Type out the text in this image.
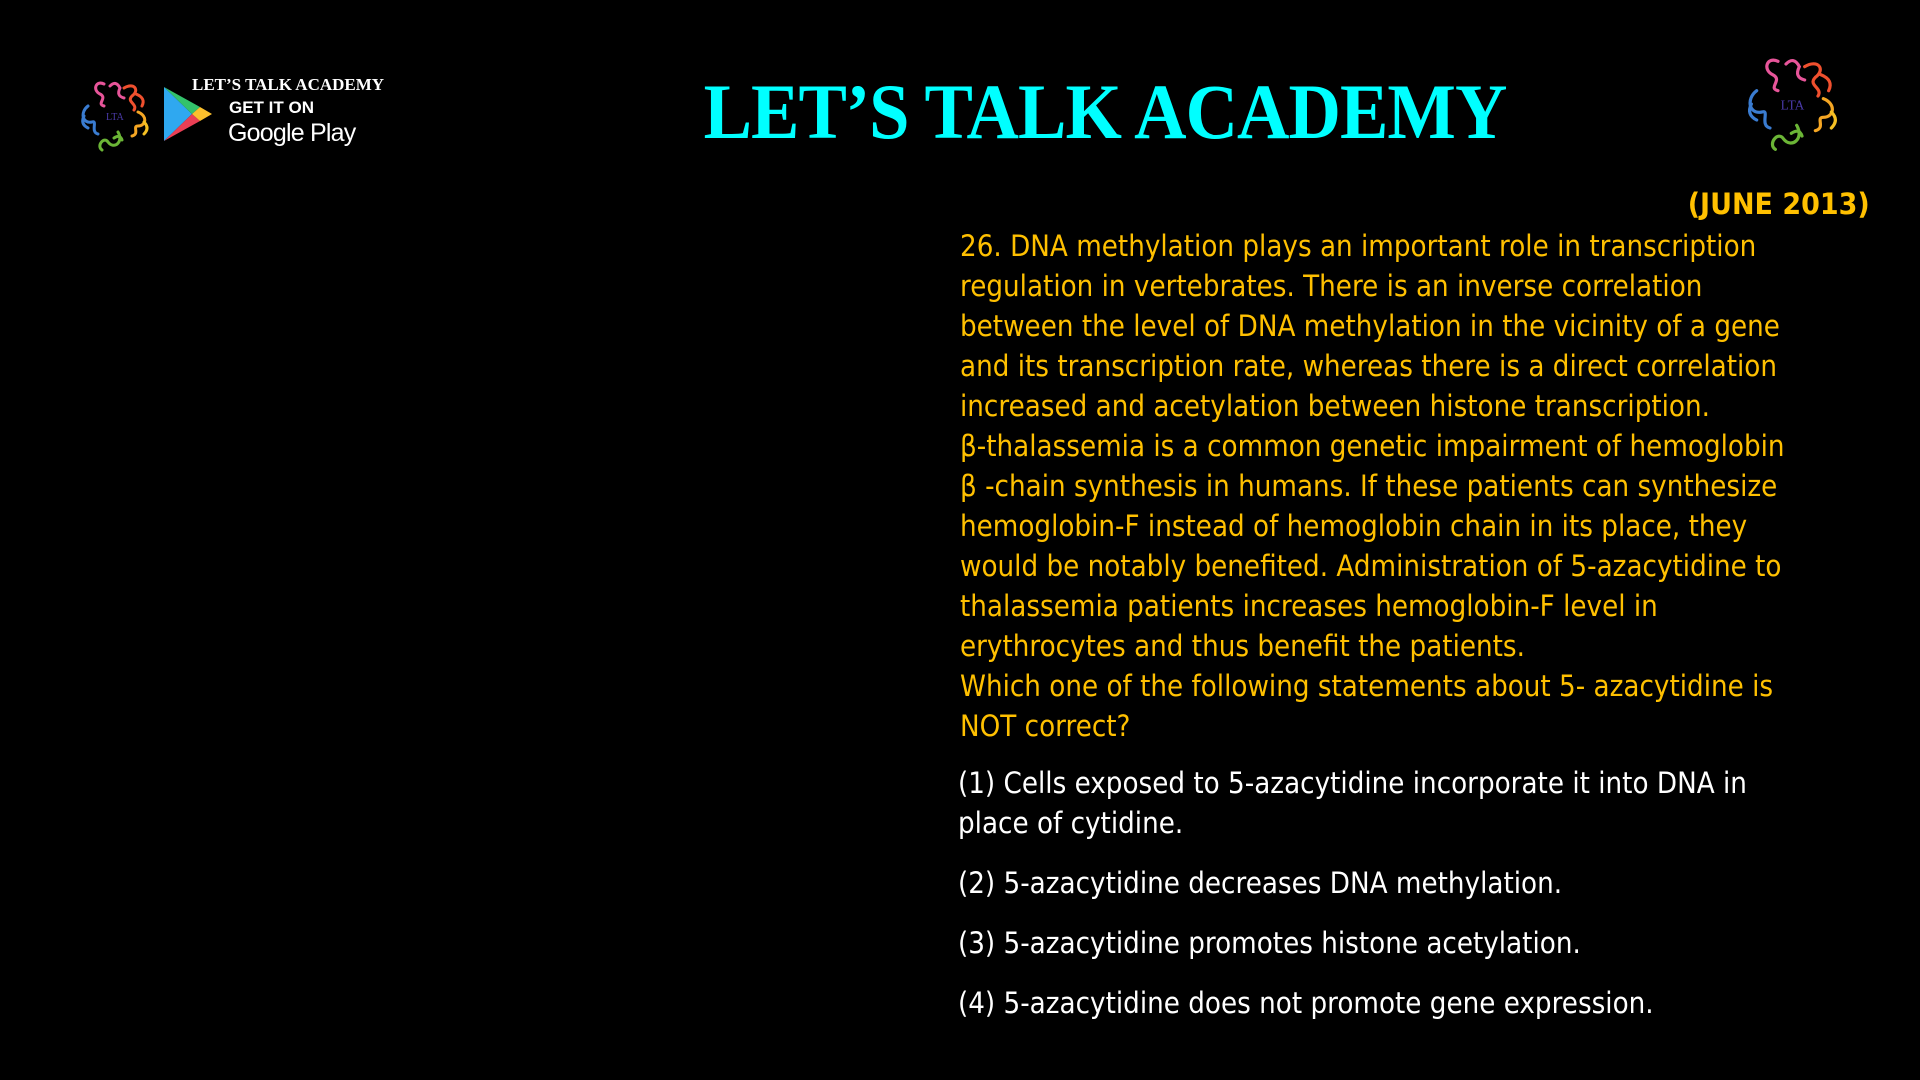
LTA
LET’S TALK ACADEMY
GET IT ON
Google Play	LET’S TALK ACADEMY	LTA
(JUNE 2013)
26. DNA methylation plays an important role in transcription
regulation in vertebrates. There is an inverse correlation
between the level of DNA methylation in the vicinity of a gene
and its transcription rate, whereas there is a direct correlation
increased and acetylation between histone transcription.
β-thalassemia is a common genetic impairment of hemoglobin
β -chain synthesis in humans. If these patients can synthesize
hemoglobin-F instead of hemoglobin chain in its place, they
would be notably benefited. Administration of 5-azacytidine to
thalassemia patients increases hemoglobin-F level in
erythrocytes and thus benefit the patients.
Which one of the following statements about 5- azacytidine is
NOT correct?
(1) Cells exposed to 5-azacytidine incorporate it into DNA in
place of cytidine.
(2) 5-azacytidine decreases DNA methylation.
(3) 5-azacytidine promotes histone acetylation.
(4) 5-azacytidine does not promote gene expression.
